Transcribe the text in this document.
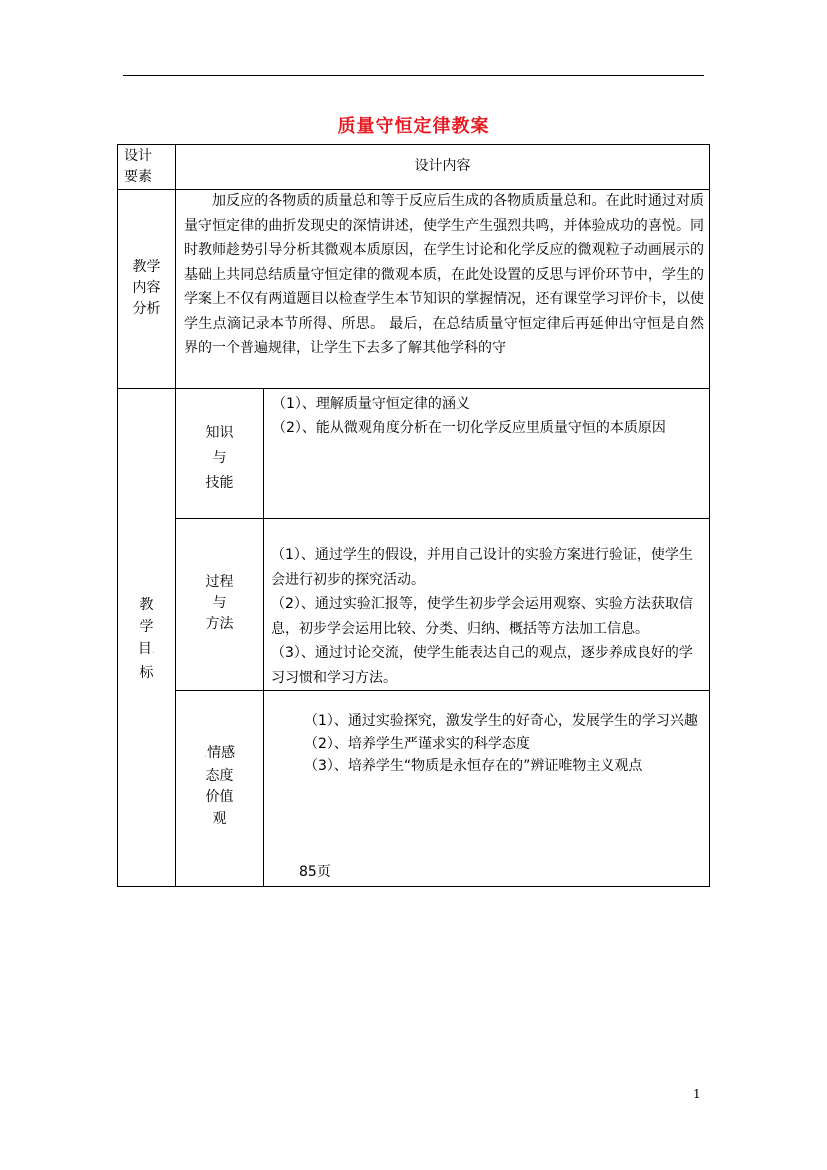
质量守恒定律教案
设计
要素
设计内容
教学
内容
分析
加反应的各物质的质量总和等于反应后生成的各物质质量总和。在此时通过对质量守恒定律的曲折发现史的深情讲述，使学生产生强烈共鸣，并体验成功的喜悦。同时教师趁势引导分析其微观本质原因，在学生讨论和化学反应的微观粒子动画展示的基础上共同总结质量守恒定律的微观本质，在此处设置的反思与评价环节中，学生的学案上不仅有两道题目以检查学生本节知识的掌握情况，还有课堂学习评价卡，以使学生点滴记录本节所得、所思。 最后，在总结质量守恒定律后再延伸出守恒是自然界的一个普遍规律，让学生下去多了解其他学科的守
教
学
目.
标
知识
与
技能
（1）、理解质量守恒定律的涵义
（2）、能从微观角度分析在一切化学反应里质量守恒的本质原因
过程
与
方法
（1）、通过学生的假设，并用自己设计的实验方案进行验证，使学生
会进行初步的探究活动。
（2）、通过实验汇报等，使学生初步学会运用观察、实验方法获取信
息，初步学会运用比较、分类、归纳、概括等方法加工信息。
（3）、通过讨论交流，使学生能表达自己的观点，逐步养成良好的学
习习惯和学习方法。
.情感
态度
价值
观
（1）、通过实验探究，激发学生的好奇心，发展学生的学习兴趣
（2）、培养学生严谨求实的科学态度
（3）、培养学生“物质是永恒存在的”辨证唯物主义观点
85页
1
